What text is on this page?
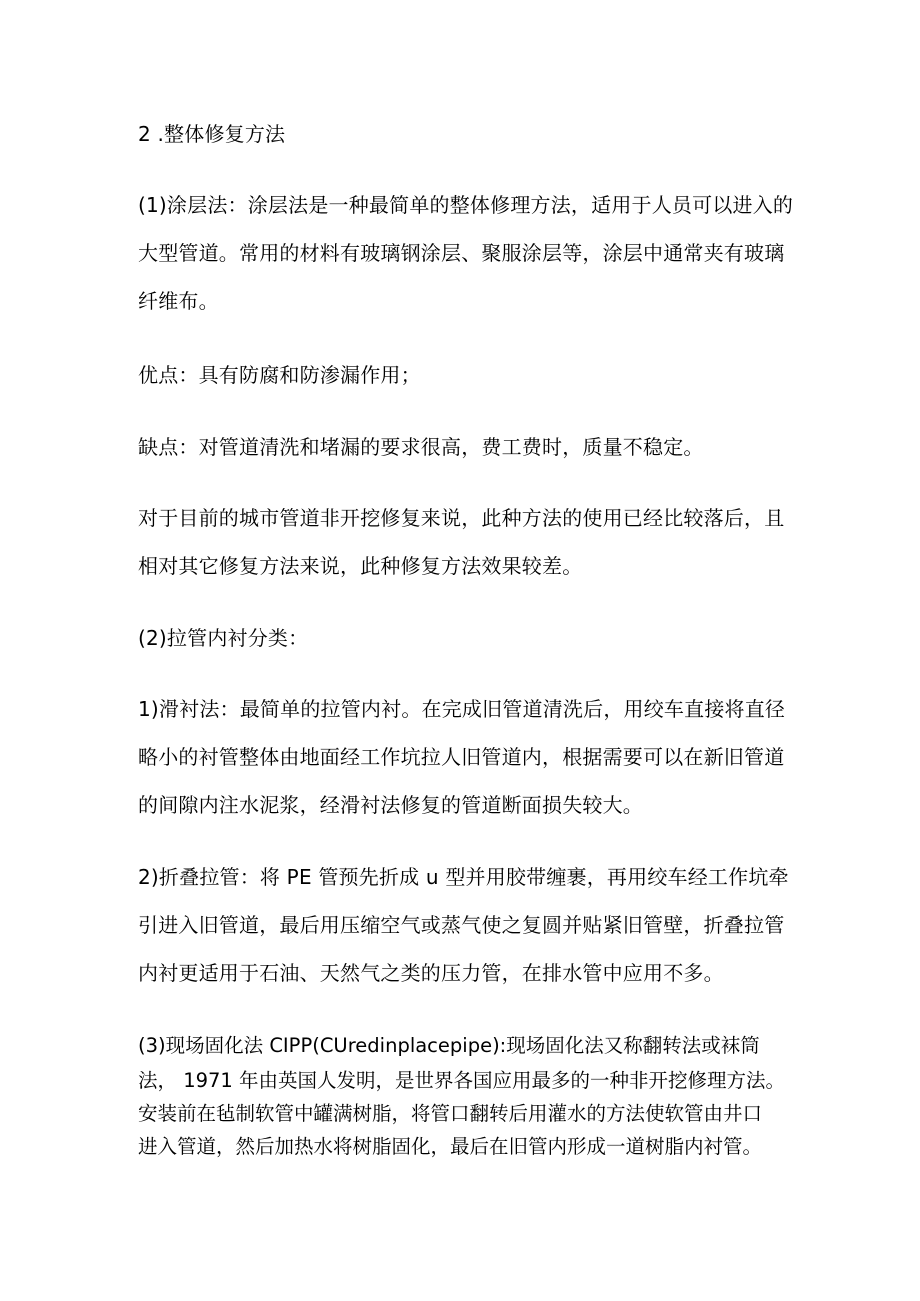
2 .整体修复方法
(1)涂层法：涂层法是一种最简单的整体修理方法，适用于人员可以进入的
大型管道。常用的材料有玻璃钢涂层、聚服涂层等，涂层中通常夹有玻璃
纤维布。
优点：具有防腐和防渗漏作用；
缺点：对管道清洗和堵漏的要求很高，费工费时，质量不稳定。
对于目前的城市管道非开挖修复来说，此种方法的使用已经比较落后，且
相对其它修复方法来说，此种修复方法效果较差。
(2)拉管内衬分类：
1)滑衬法：最简单的拉管内衬。在完成旧管道清洗后，用绞车直接将直径
略小的衬管整体由地面经工作坑拉人旧管道内，根据需要可以在新旧管道
的间隙内注水泥浆，经滑衬法修复的管道断面损失较大。
2)折叠拉管：将 PE 管预先折成 u 型并用胶带缠裹，再用绞车经工作坑牵
引进入旧管道，最后用压缩空气或蒸气使之复圆并贴紧旧管壁，折叠拉管
内衬更适用于石油、天然气之类的压力管，在排水管中应用不多。
(3)现场固化法 CIPP(CUredinplacepipe):现场固化法又称翻转法或袜筒
法， 1971 年由英国人发明，是世界各国应用最多的一种非开挖修理方法。
安装前在毡制软管中罐满树脂，将管口翻转后用灌水的方法使软管由井口
进入管道，然后加热水将树脂固化，最后在旧管内形成一道树脂内衬管。
